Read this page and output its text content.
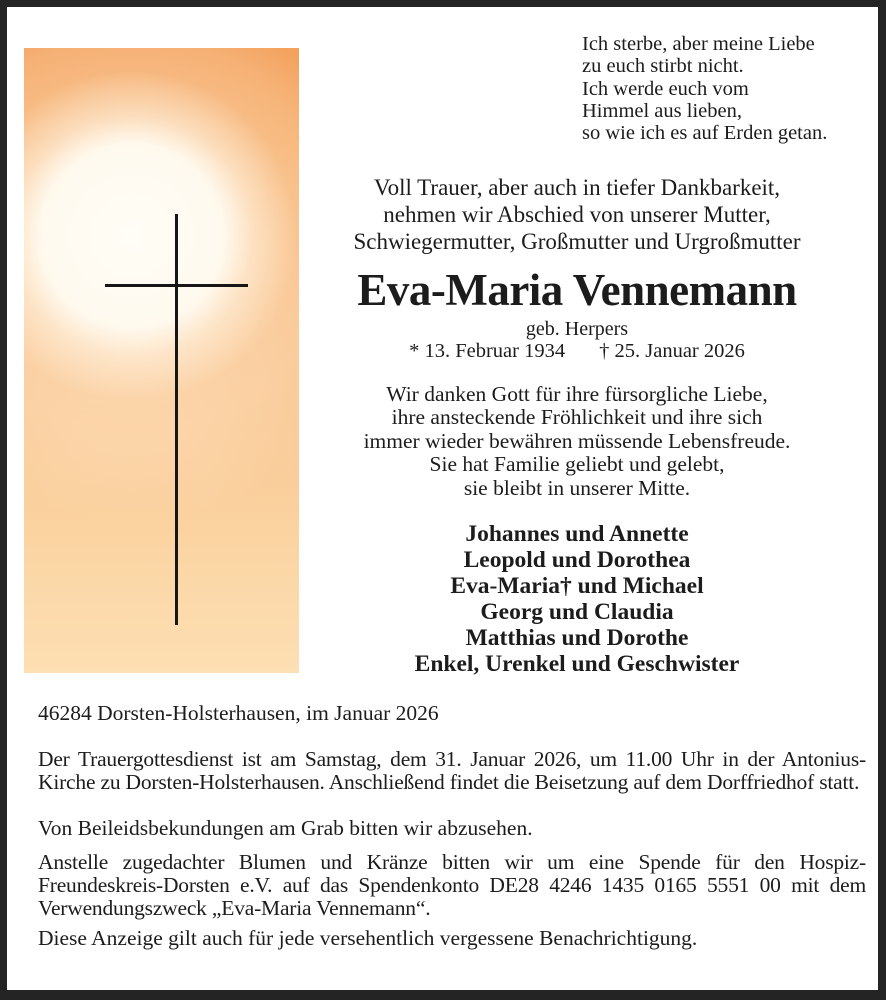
Ich sterbe, aber meine Liebe
zu euch stirbt nicht.
Ich werde euch vom
Himmel aus lieben,
so wie ich es auf Erden getan.
Voll Trauer, aber auch in tiefer Dankbarkeit,
nehmen wir Abschied von unserer Mutter,
Schwiegermutter, Großmutter und Urgroßmutter
Eva-Maria Vennemann
geb. Herpers
* 13. Februar 1934 † 25. Januar 2026
Wir danken Gott für ihre fürsorgliche Liebe,
ihre ansteckende Fröhlichkeit und ihre sich
immer wieder bewähren müssende Lebensfreude.
Sie hat Familie geliebt und gelebt,
sie bleibt in unserer Mitte.
Johannes und Annette
Leopold und Dorothea
Eva-Maria† und Michael
Georg und Claudia
Matthias und Dorothe
Enkel, Urenkel und Geschwister

46284 Dorsten-Holsterhausen, im Januar 2026

Der Trauergottesdienst ist am Samstag, dem 31. Januar 2026, um 11.00 Uhr in der Antonius-Kirche zu Dorsten-Holsterhausen. Anschließend findet die Beisetzung auf dem Dorffriedhof statt.

Von Beileidsbekundungen am Grab bitten wir abzusehen.

Anstelle zugedachter Blumen und Kränze bitten wir um eine Spende für den Hospiz-Freundeskreis-Dorsten e.V. auf das Spendenkonto DE28 4246 1435 0165 5551 00 mit dem Verwendungszweck „Eva-Maria Vennemann“.

Diese Anzeige gilt auch für jede versehentlich vergessene Benachrichtigung.
